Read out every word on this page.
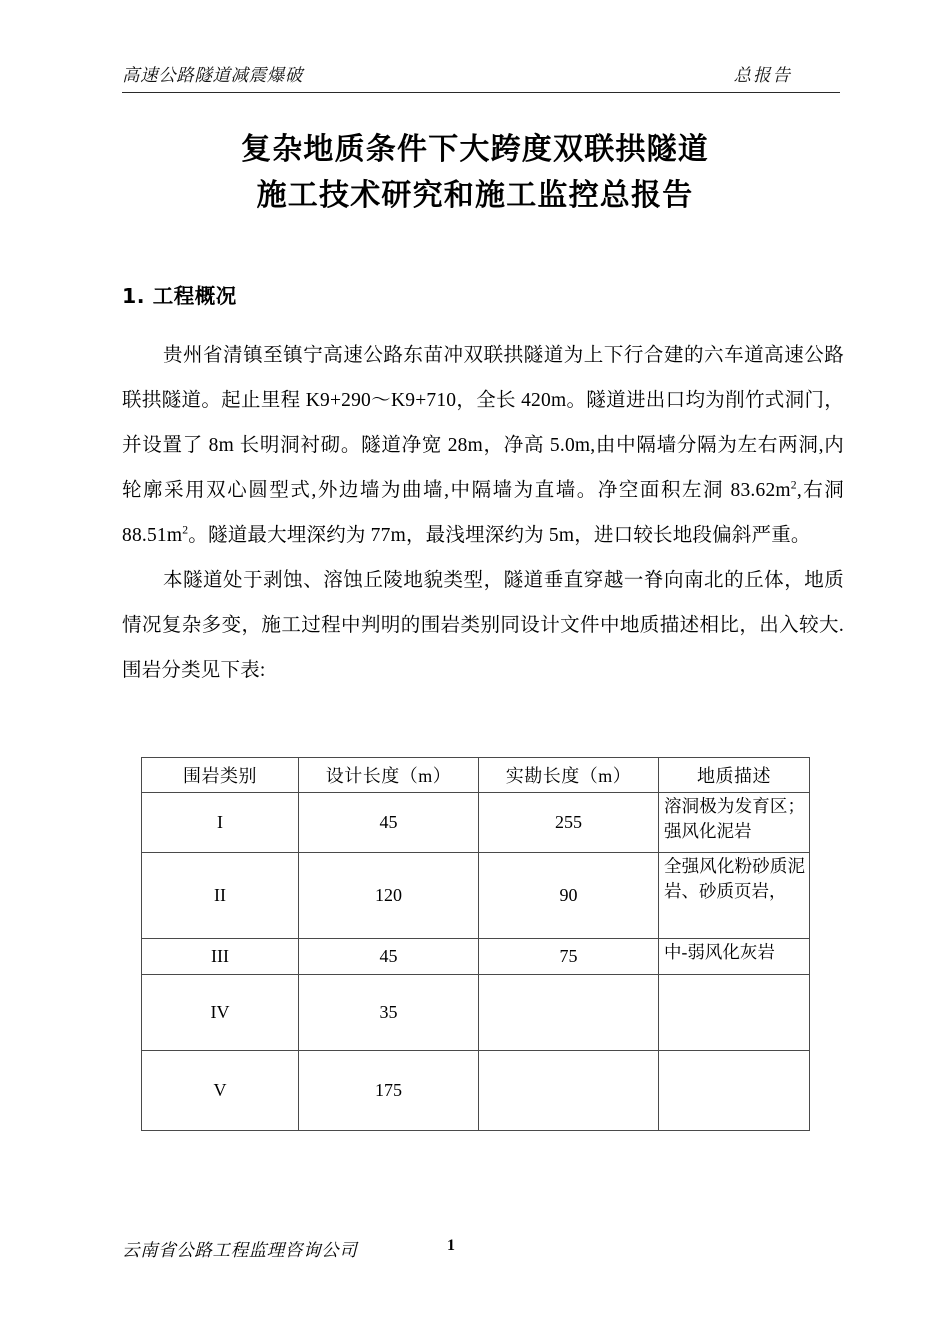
高速公路隧道减震爆破	总报告
复杂地质条件下大跨度双联拱隧道
施工技术研究和施工监控总报告
1. 工程概况

贵州省清镇至镇宁高速公路东苗冲双联拱隧道为上下行合建的六车道高速公路联拱隧道。起止里程 K9+290～K9+710，全长 420m。隧道进出口均为削竹式洞门，并设置了 8m 长明洞衬砌。隧道净宽 28m，净高 5.0m,由中隔墙分隔为左右两洞,内轮廓采用双心圆型式,外边墙为曲墙,中隔墙为直墙。净空面积左洞 $83.62m^2$,右洞 $88.51m^2$。隧道最大埋深约为 77m，最浅埋深约为 5m，进口较长地段偏斜严重。

本隧道处于剥蚀、溶蚀丘陵地貌类型，隧道垂直穿越一脊向南北的丘体，地质情况复杂多变，施工过程中判明的围岩类别同设计文件中地质描述相比，出入较大.围岩分类见下表:

围岩类别	设计长度（m）	实勘长度（m）	地质描述
I	45	255	溶洞极为发育区；强风化泥岩
II	120	90	全强风化粉砂质泥岩、砂质页岩，
III	45	75	中-弱风化灰岩
IV	35		
V	175		
云南省公路工程监理咨询公司	1
